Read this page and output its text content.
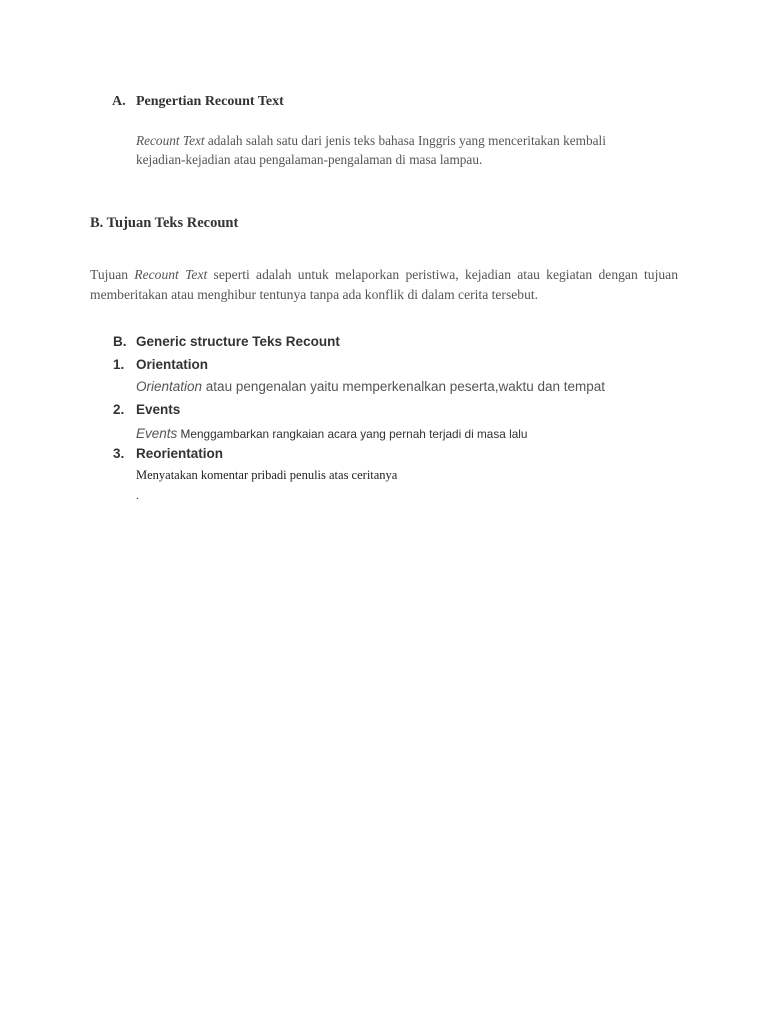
A. Pengertian Recount Text
Recount Text adalah salah satu dari jenis teks bahasa Inggris yang menceritakan kembali
kejadian-kejadian atau pengalaman-pengalaman di masa lampau.
B. Tujuan Teks Recount
Tujuan Recount Text seperti adalah untuk melaporkan peristiwa, kejadian atau kegiatan dengan tujuan memberitakan atau menghibur tentunya tanpa ada konflik di dalam cerita tersebut.
B. Generic structure Teks Recount
1. Orientation
Orientation atau pengenalan yaitu memperkenalkan peserta,waktu dan tempat
2. Events
Events Menggambarkan rangkaian acara yang pernah terjadi di masa lalu
3. Reorientation
Menyatakan komentar pribadi penulis atas ceritanya
.
